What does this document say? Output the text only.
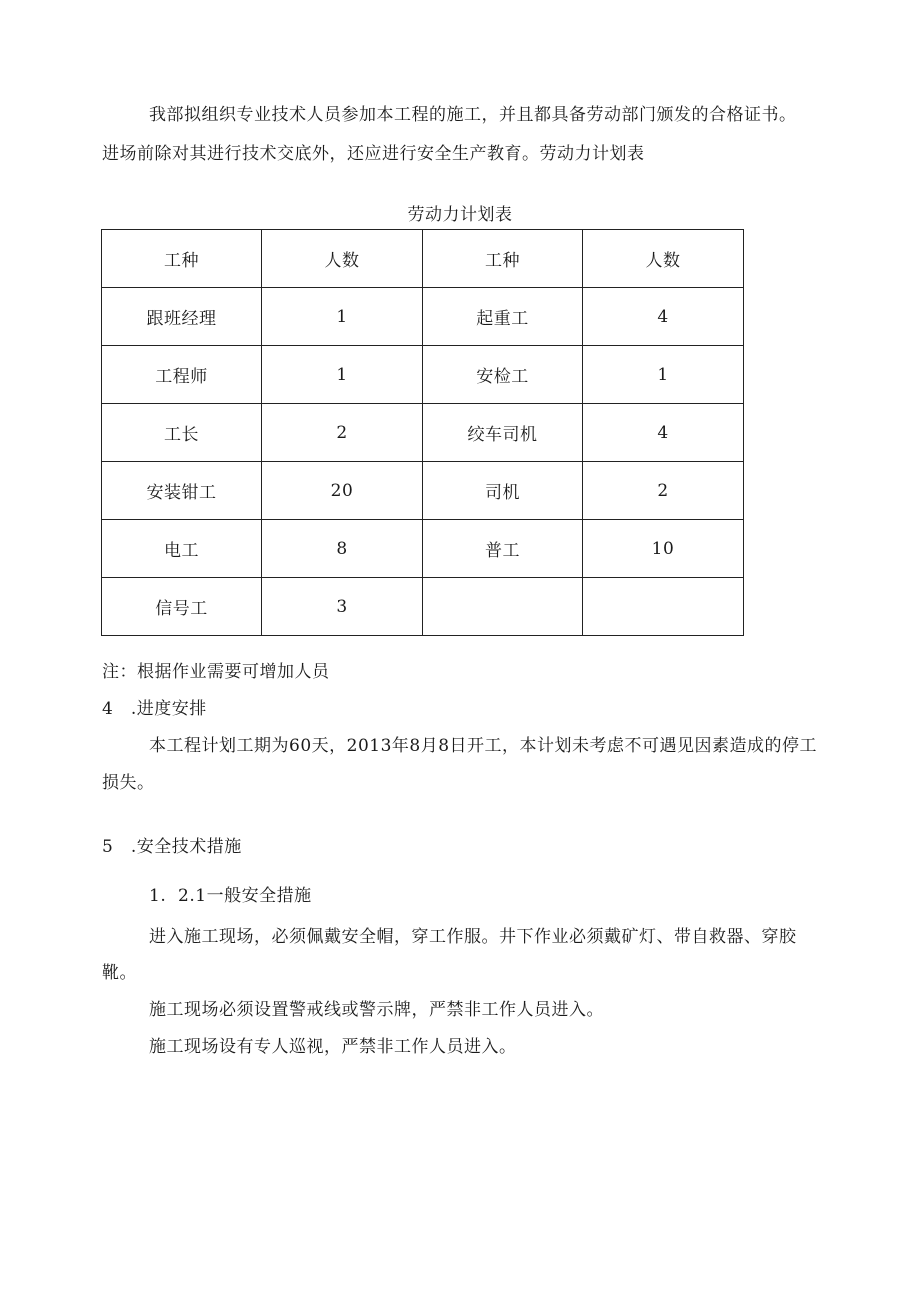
我部拟组织专业技术人员参加本工程的施工，并且都具备劳动部门颁发的合格证书。
进场前除对其进行技术交底外，还应进行安全生产教育。劳动力计划表
劳动力计划表
工种	人数	工种	人数
跟班经理	1	起重工	4
工程师	1	安检工	1
工长	2	绞车司机	4
安装钳工	20	司机	2
电工	8	普工	10
信号工	3		
注：根据作业需要可增加人员
4　.进度安排
本工程计划工期为60天，2013年8月8日开工，本计划未考虑不可遇见因素造成的停工
损失。
5　.安全技术措施
1.  2.1一般安全措施
进入施工现场，必须佩戴安全帽，穿工作服。井下作业必须戴矿灯、带自救器、穿胶
靴。
施工现场必须设置警戒线或警示牌，严禁非工作人员进入。
施工现场设有专人巡视，严禁非工作人员进入。
